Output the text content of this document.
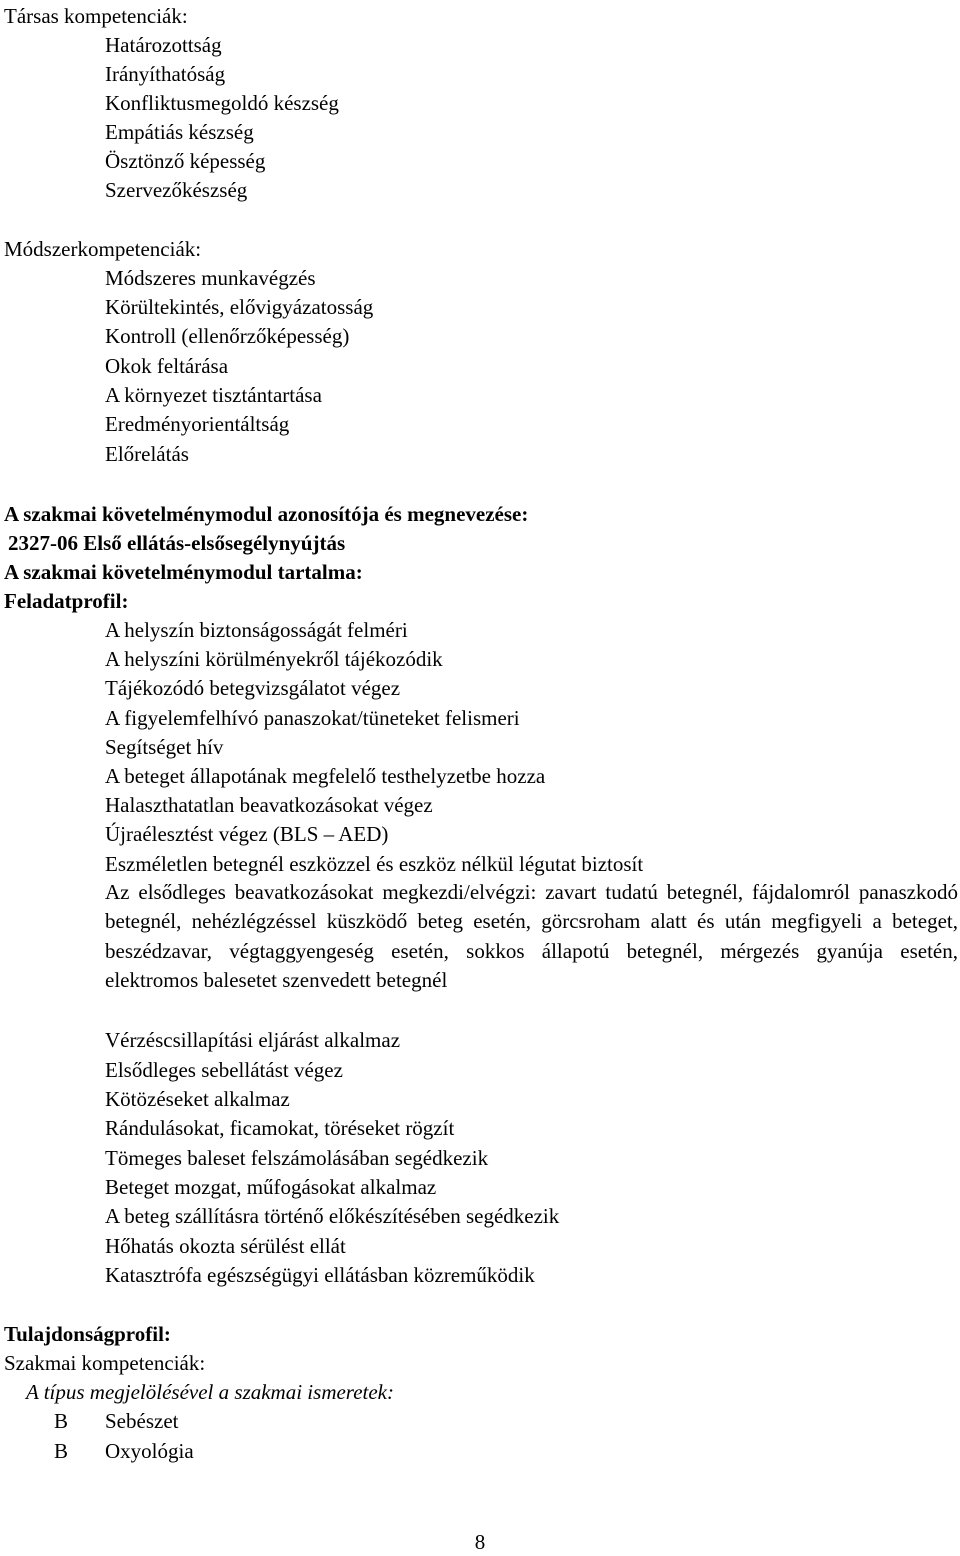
Társas kompetenciák:
Határozottság
Irányíthatóság
Konfliktusmegoldó készség
Empátiás készség
Ösztönző képesség
Szervezőkészség
Módszerkompetenciák:
Módszeres munkavégzés
Körültekintés, elővigyázatosság
Kontroll (ellenőrzőképesség)
Okok feltárása
A környezet tisztántartása
Eredményorientáltság
Előrelátás
A szakmai követelménymodul azonosítója és megnevezése:
2327-06 Első ellátás-elsősegélynyújtás
A szakmai követelménymodul tartalma:
Feladatprofil:
A helyszín biztonságosságát felméri
A helyszíni körülményekről tájékozódik
Tájékozódó betegvizsgálatot végez
A figyelemfelhívó panaszokat/tüneteket felismeri
Segítséget hív
A beteget állapotának megfelelő testhelyzetbe hozza
Halaszthatatlan beavatkozásokat végez
Újraélesztést végez (BLS – AED)
Eszméletlen betegnél eszközzel és eszköz nélkül légutat biztosít
Az elsődleges beavatkozásokat megkezdi/elvégzi: zavart tudatú betegnél, fájdalomról panaszkodó betegnél, nehézlégzéssel küszködő beteg esetén, görcsroham alatt és után megfigyeli a beteget, beszédzavar, végtaggyengeség esetén, sokkos állapotú betegnél, mérgezés gyanúja esetén, elektromos balesetet szenvedett betegnél
Vérzéscsillapítási eljárást alkalmaz
Elsődleges sebellátást végez
Kötözéseket alkalmaz
Rándulásokat, ficamokat, töréseket rögzít
Tömeges baleset felszámolásában segédkezik
Beteget mozgat, műfogásokat alkalmaz
A beteg szállításra történő előkészítésében segédkezik
Hőhatás okozta sérülést ellát
Katasztrófa egészségügyi ellátásban közreműködik
Tulajdonságprofil:
Szakmai kompetenciák:
A típus megjelölésével a szakmai ismeretek:
B Sebészet
B Oxyológia
8
